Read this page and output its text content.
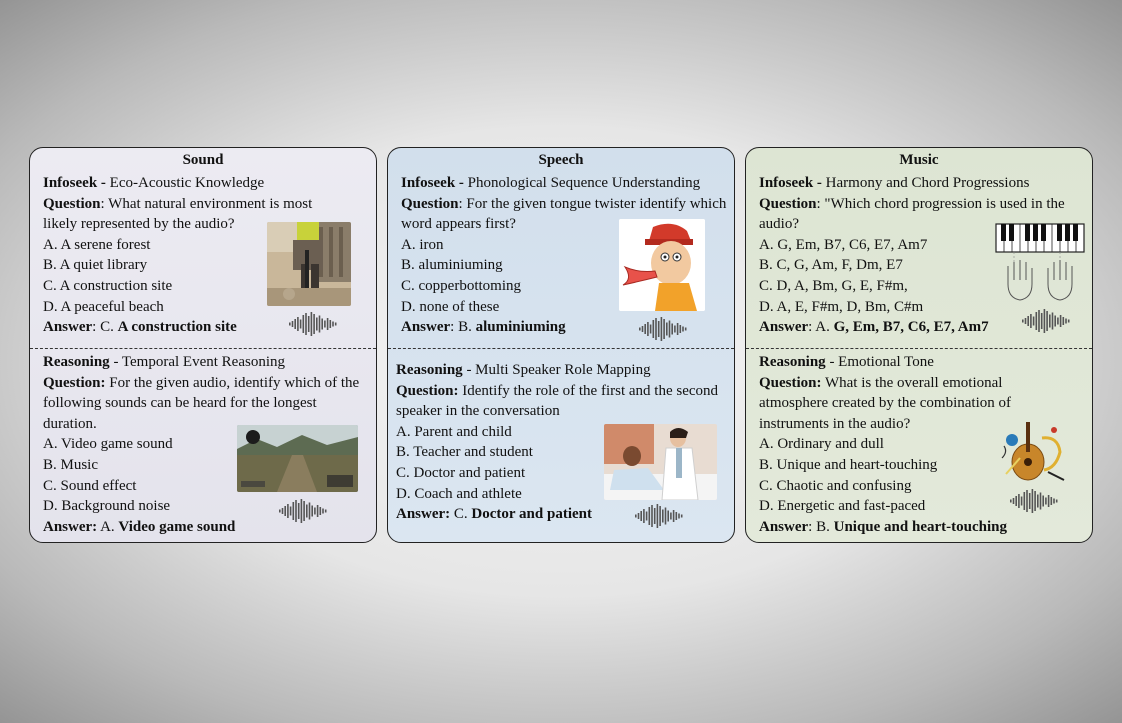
Sound
Infoseek - Eco-Acoustic Knowledge
Question: What natural environment is most likely represented by the audio?
A. A serene forest
B. A quiet library
C. A construction site
D. A peaceful beach
Answer: C. A construction site
Reasoning - Temporal Event Reasoning
Question: For the given audio, identify which of the following sounds can be heard for the longest duration.
A. Video game sound
B. Music
C. Sound effect
D. Background noise
Answer: A. Video game sound
Speech
Infoseek - Phonological Sequence Understanding
Question: For the given tongue twister identify which word appears first?
A. iron
B. aluminiuming
C. copperbottoming
D. none of these
Answer: B. aluminiuming
Reasoning - Multi Speaker Role Mapping
Question: Identify the role of the first and the second speaker in the conversation
A. Parent and child
B. Teacher and student
C. Doctor and patient
D. Coach and athlete
Answer: C. Doctor and patient
Music
Infoseek - Harmony and Chord Progressions
Question: "Which chord progression is used in the audio?
A. G, Em, B7, C6, E7, Am7
B. C, G, Am, F, Dm, E7
C. D, A, Bm, G, E, F#m,
D. A, E, F#m, D, Bm, C#m
Answer: A. G, Em, B7, C6, E7, Am7
Reasoning - Emotional Tone
Question: What is the overall emotional atmosphere created by the combination of instruments in the audio?
A. Ordinary and dull
B. Unique and heart-touching
C. Chaotic and confusing
D. Energetic and fast-paced
Answer: B. Unique and heart-touching
